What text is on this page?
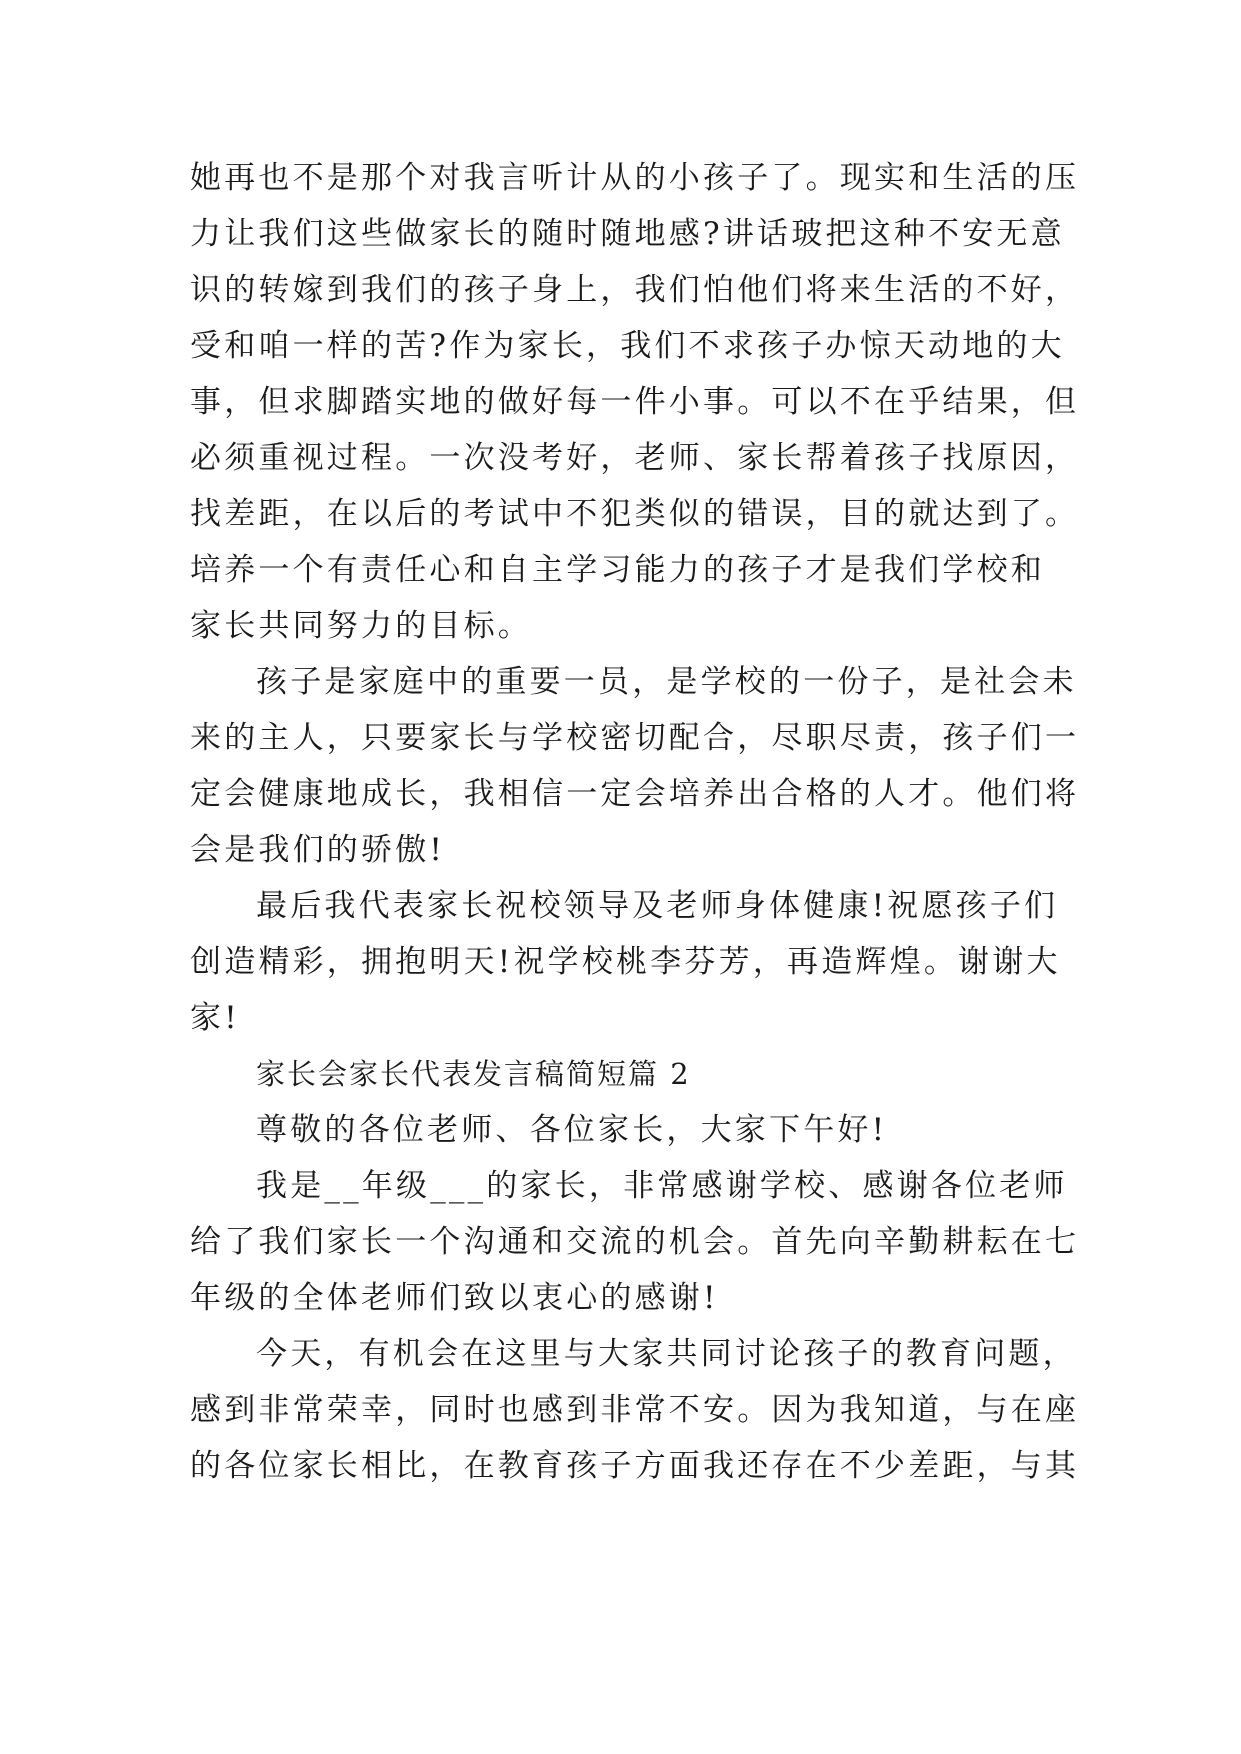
她再也不是那个对我言听计从的小孩子了。现实和生活的压
力让我们这些做家长的随时随地感?讲话玻把这种不安无意
识的转嫁到我们的孩子身上，我们怕他们将来生活的不好，
受和咱一样的苦?作为家长，我们不求孩子办惊天动地的大
事，但求脚踏实地的做好每一件小事。可以不在乎结果，但
必须重视过程。一次没考好，老师、家长帮着孩子找原因，
找差距，在以后的考试中不犯类似的错误，目的就达到了。
培养一个有责任心和自主学习能力的孩子才是我们学校和
家长共同努力的目标。
孩子是家庭中的重要一员，是学校的一份子，是社会未
来的主人，只要家长与学校密切配合，尽职尽责，孩子们一
定会健康地成长，我相信一定会培养出合格的人才。他们将
会是我们的骄傲!
最后我代表家长祝校领导及老师身体健康!祝愿孩子们
创造精彩，拥抱明天!祝学校桃李芬芳，再造辉煌。谢谢大
家!
家长会家长代表发言稿简短篇 2
尊敬的各位老师、各位家长，大家下午好!
我是__年级___的家长，非常感谢学校、感谢各位老师
给了我们家长一个沟通和交流的机会。首先向辛勤耕耘在七
年级的全体老师们致以衷心的感谢!
今天，有机会在这里与大家共同讨论孩子的教育问题，
感到非常荣幸，同时也感到非常不安。因为我知道，与在座
的各位家长相比，在教育孩子方面我还存在不少差距，与其
